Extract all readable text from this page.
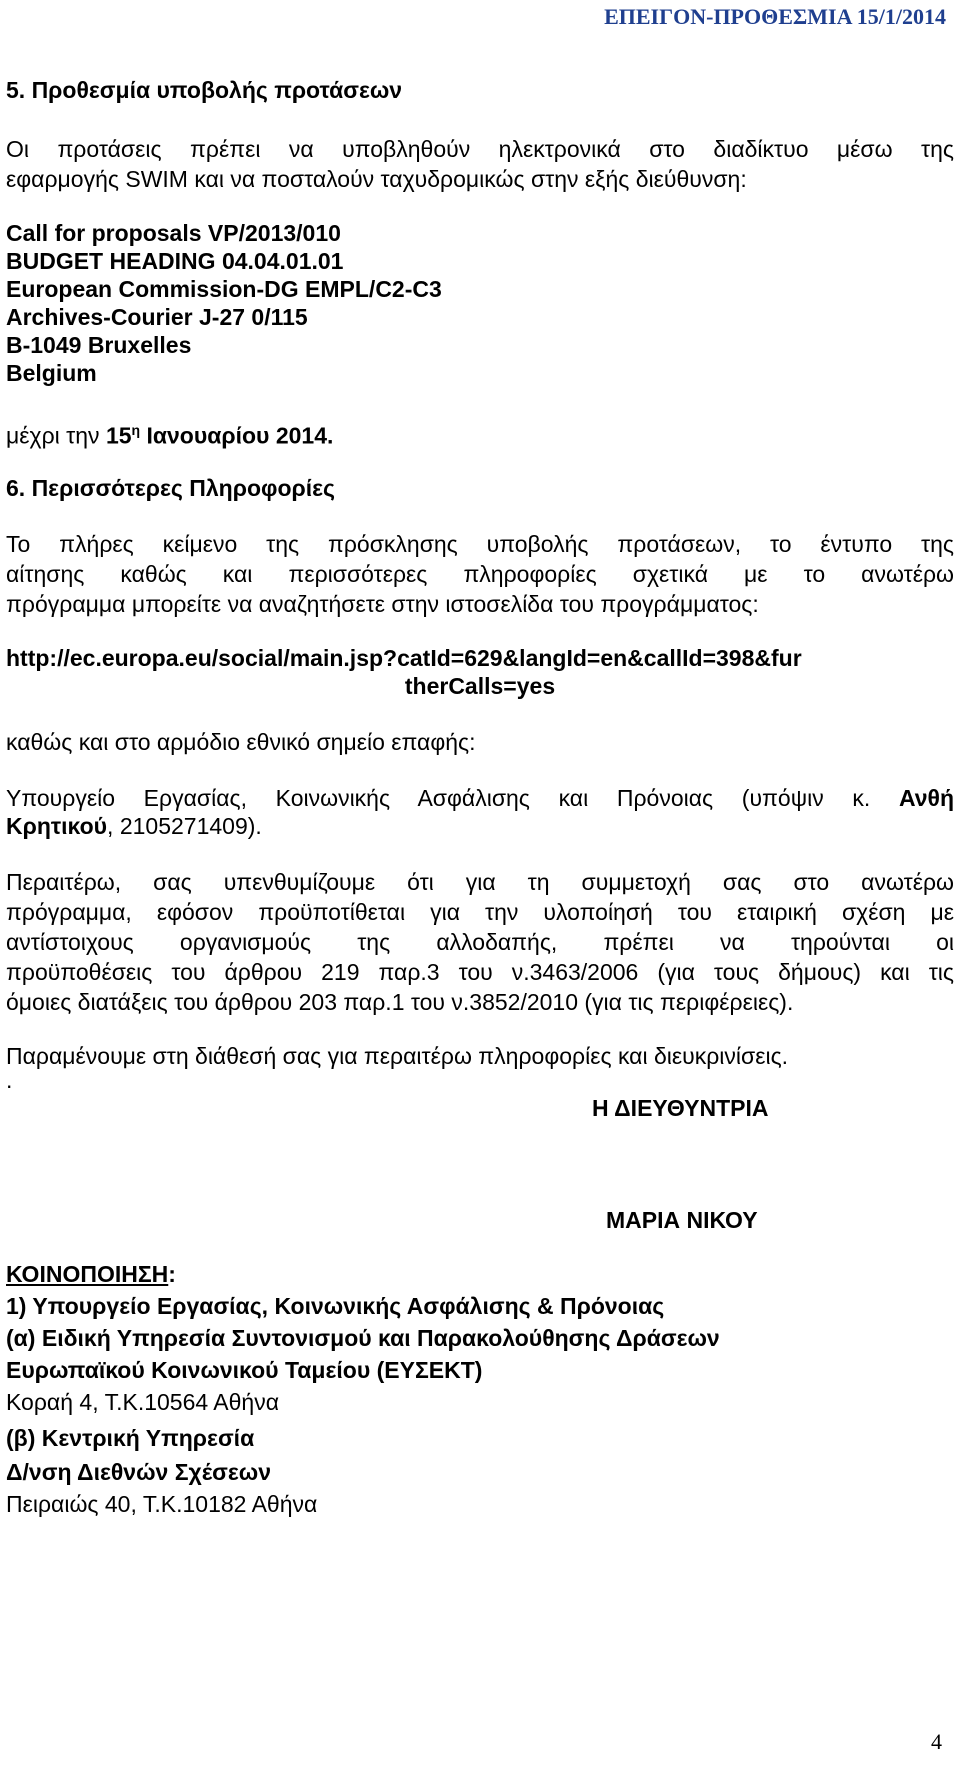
ΕΠΕΙΓΟΝ-ΠΡΟΘΕΣΜΙΑ 15/1/2014
5. Προθεσμία υποβολής προτάσεων
Οι προτάσεις πρέπει να υποβληθούν ηλεκτρονικά στο διαδίκτυο μέσω της
εφαρμογής SWIM και να ποσταλούν ταχυδρομικώς στην εξής διεύθυνση:
Call for proposals VP/2013/010
BUDGET HEADING 04.04.01.01
European Commission-DG EMPL/C2-C3
Archives-Courier J-27 0/115
B-1049 Bruxelles
Belgium
μέχρι την $15^\eta$ Ιανουαρίου 2014.
6. Περισσότερες Πληροφορίες
Το πλήρες κείμενο της πρόσκλησης υποβολής προτάσεων, το έντυπο της
αίτησης καθώς και περισσότερες πληροφορίες σχετικά με το ανωτέρω
πρόγραμμα μπορείτε να αναζητήσετε στην ιστοσελίδα του προγράμματος:
http://ec.europa.eu/social/main.jsp?catId=629&langId=en&callId=398&fur
therCalls=yes
καθώς και στο αρμόδιο εθνικό σημείο επαφής:
Υπουργείο Εργασίας, Κοινωνικής Ασφάλισης και Πρόνοιας (υπόψιν κ. Ανθή
Κρητικού, 2105271409).
Περαιτέρω, σας υπενθυμίζουμε ότι για τη συμμετοχή σας στο ανωτέρω
πρόγραμμα, εφόσον προϋποτίθεται για την υλοποίησή του εταιρική σχέση με
αντίστοιχους οργανισμούς της αλλοδαπής, πρέπει να τηρούνται οι
προϋποθέσεις του άρθρου 219 παρ.3 του ν.3463/2006 (για τους δήμους) και τις
όμοιες διατάξεις του άρθρου 203 παρ.1 του ν.3852/2010 (για τις περιφέρειες).
Παραμένουμε στη διάθεσή σας για περαιτέρω πληροφορίες και διευκρινίσεις.
.
Η ΔΙΕΥΘΥΝΤΡΙΑ
ΜΑΡΙΑ ΝΙΚΟΥ
ΚΟΙΝΟΠΟΙΗΣΗ:
1) Υπουργείο Εργασίας, Κοινωνικής Ασφάλισης & Πρόνοιας
(α) Ειδική Υπηρεσία Συντονισμού και Παρακολούθησης Δράσεων
Ευρωπαϊκού Κοινωνικού Ταμείου (ΕΥΣΕΚΤ)
Κοραή 4, Τ.Κ.10564 Αθήνα
(β) Κεντρική Υπηρεσία
Δ/νση Διεθνών Σχέσεων
Πειραιώς 40, Τ.Κ.10182 Αθήνα
4
